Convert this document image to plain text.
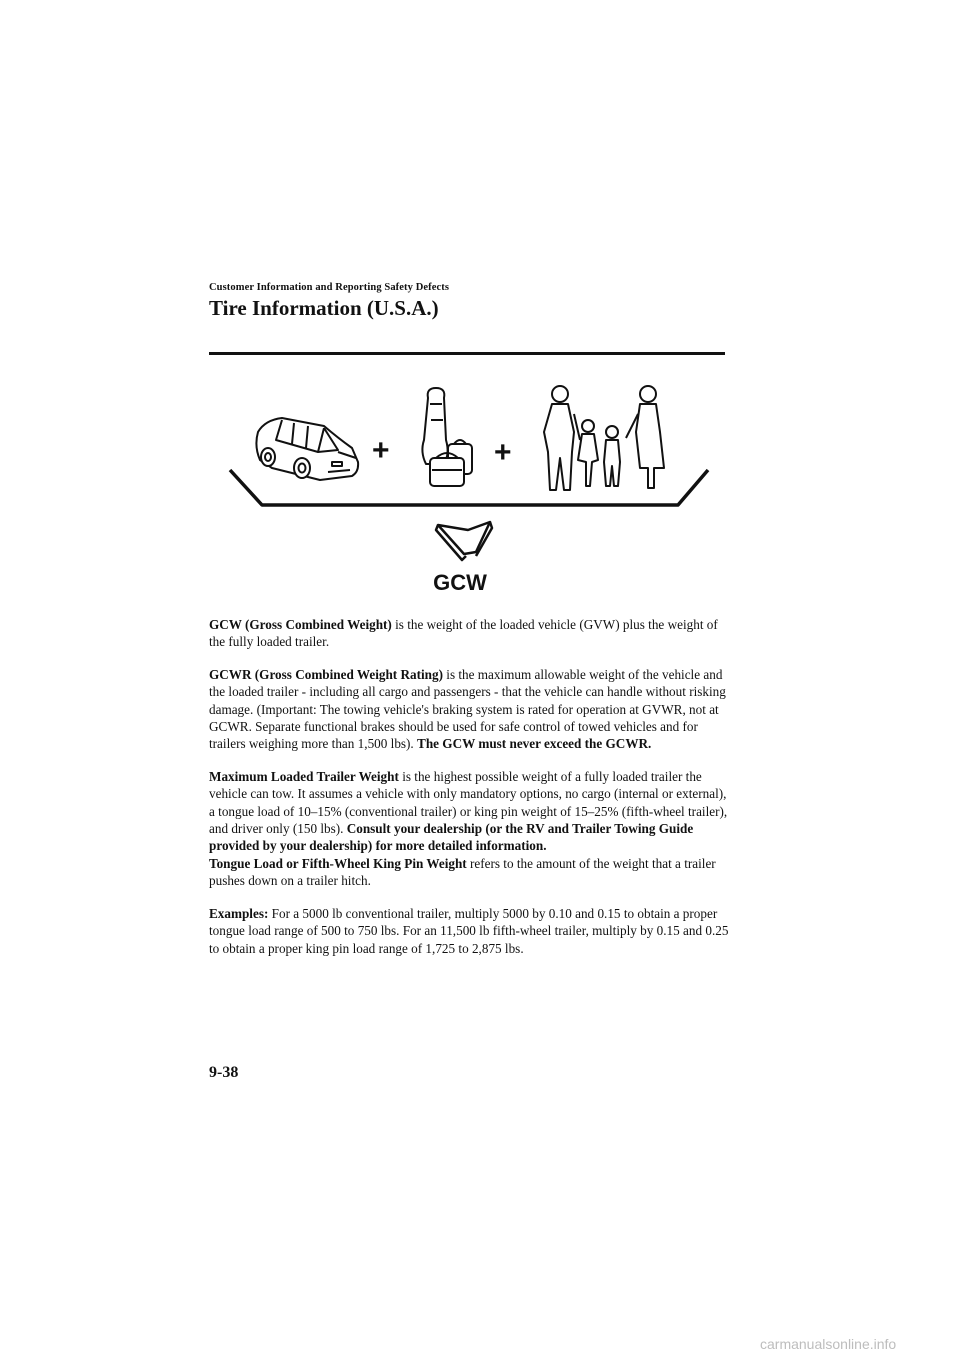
Customer Information and Reporting Safety Defects
Tire Information (U.S.A.)
+	+
GCW

GCW (Gross Combined Weight) is the weight of the loaded vehicle (GVW) plus the weight of the fully loaded trailer.

GCWR (Gross Combined Weight Rating) is the maximum allowable weight of the vehicle and the loaded trailer - including all cargo and passengers - that the vehicle can handle without risking damage. (Important: The towing vehicle's braking system is rated for operation at GVWR, not at GCWR. Separate functional brakes should be used for safe control of towed vehicles and for trailers weighing more than 1,500 lbs). The GCW must never exceed the GCWR.

Maximum Loaded Trailer Weight is the highest possible weight of a fully loaded trailer the vehicle can tow. It assumes a vehicle with only mandatory options, no cargo (internal or external), a tongue load of 10–15% (conventional trailer) or king pin weight of 15–25% (fifth-wheel trailer), and driver only (150 lbs). Consult your dealership (or the RV and Trailer Towing Guide provided by your dealership) for more detailed information.
Tongue Load or Fifth-Wheel King Pin Weight refers to the amount of the weight that a trailer pushes down on a trailer hitch.

Examples: For a 5000 lb conventional trailer, multiply 5000 by 0.10 and 0.15 to obtain a proper tongue load range of 500 to 750 lbs. For an 11,500 lb fifth-wheel trailer, multiply by 0.15 and 0.25 to obtain a proper king pin load range of 1,725 to 2,875 lbs.

9-38
carmanualsonline.info
